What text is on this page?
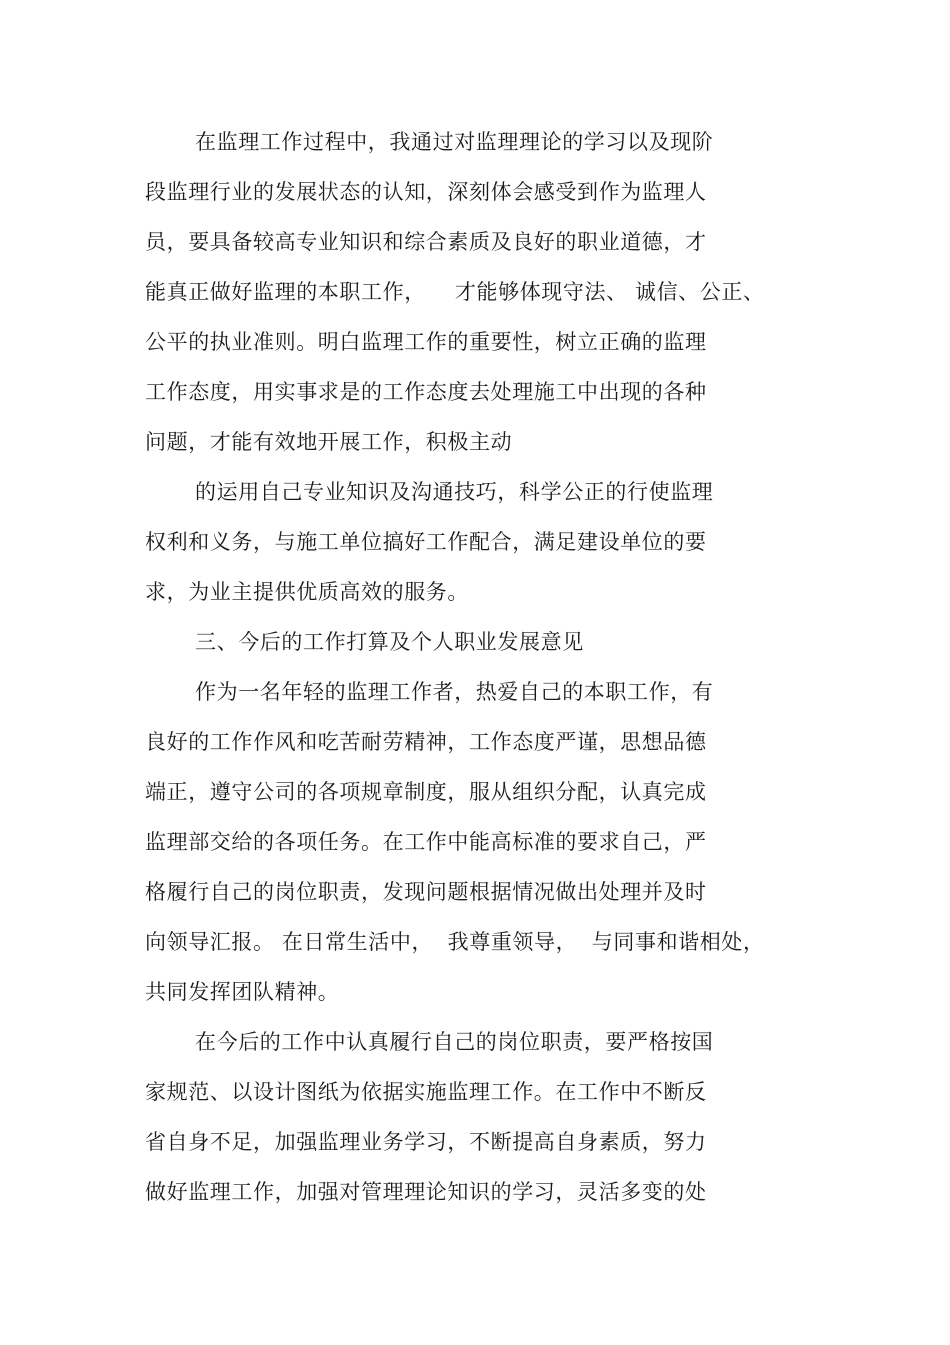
在监理工作过程中，我通过对监理理论的学习以及现阶
段监理行业的发展状态的认知，深刻体会感受到作为监理人
员，要具备较高专业知识和综合素质及良好的职业道德，才
能真正做好监理的本职工作，    才能够体现守法、 诚信、公正、
公平的执业准则。明白监理工作的重要性，树立正确的监理
工作态度，用实事求是的工作态度去处理施工中出现的各种
问题，才能有效地开展工作，积极主动
的运用自己专业知识及沟通技巧，科学公正的行使监理
权利和义务，与施工单位搞好工作配合，满足建设单位的要
求，为业主提供优质高效的服务。
三、今后的工作打算及个人职业发展意见
作为一名年轻的监理工作者，热爱自己的本职工作，有
良好的工作作风和吃苦耐劳精神，工作态度严谨，思想品德
端正，遵守公司的各项规章制度，服从组织分配，认真完成
监理部交给的各项任务。在工作中能高标准的要求自己，严
格履行自己的岗位职责，发现问题根据情况做出处理并及时
向领导汇报。 在日常生活中，  我尊重领导，  与同事和谐相处，
共同发挥团队精神。
在今后的工作中认真履行自己的岗位职责，要严格按国
家规范、以设计图纸为依据实施监理工作。在工作中不断反
省自身不足，加强监理业务学习，不断提高自身素质，努力
做好监理工作，加强对管理理论知识的学习，灵活多变的处
